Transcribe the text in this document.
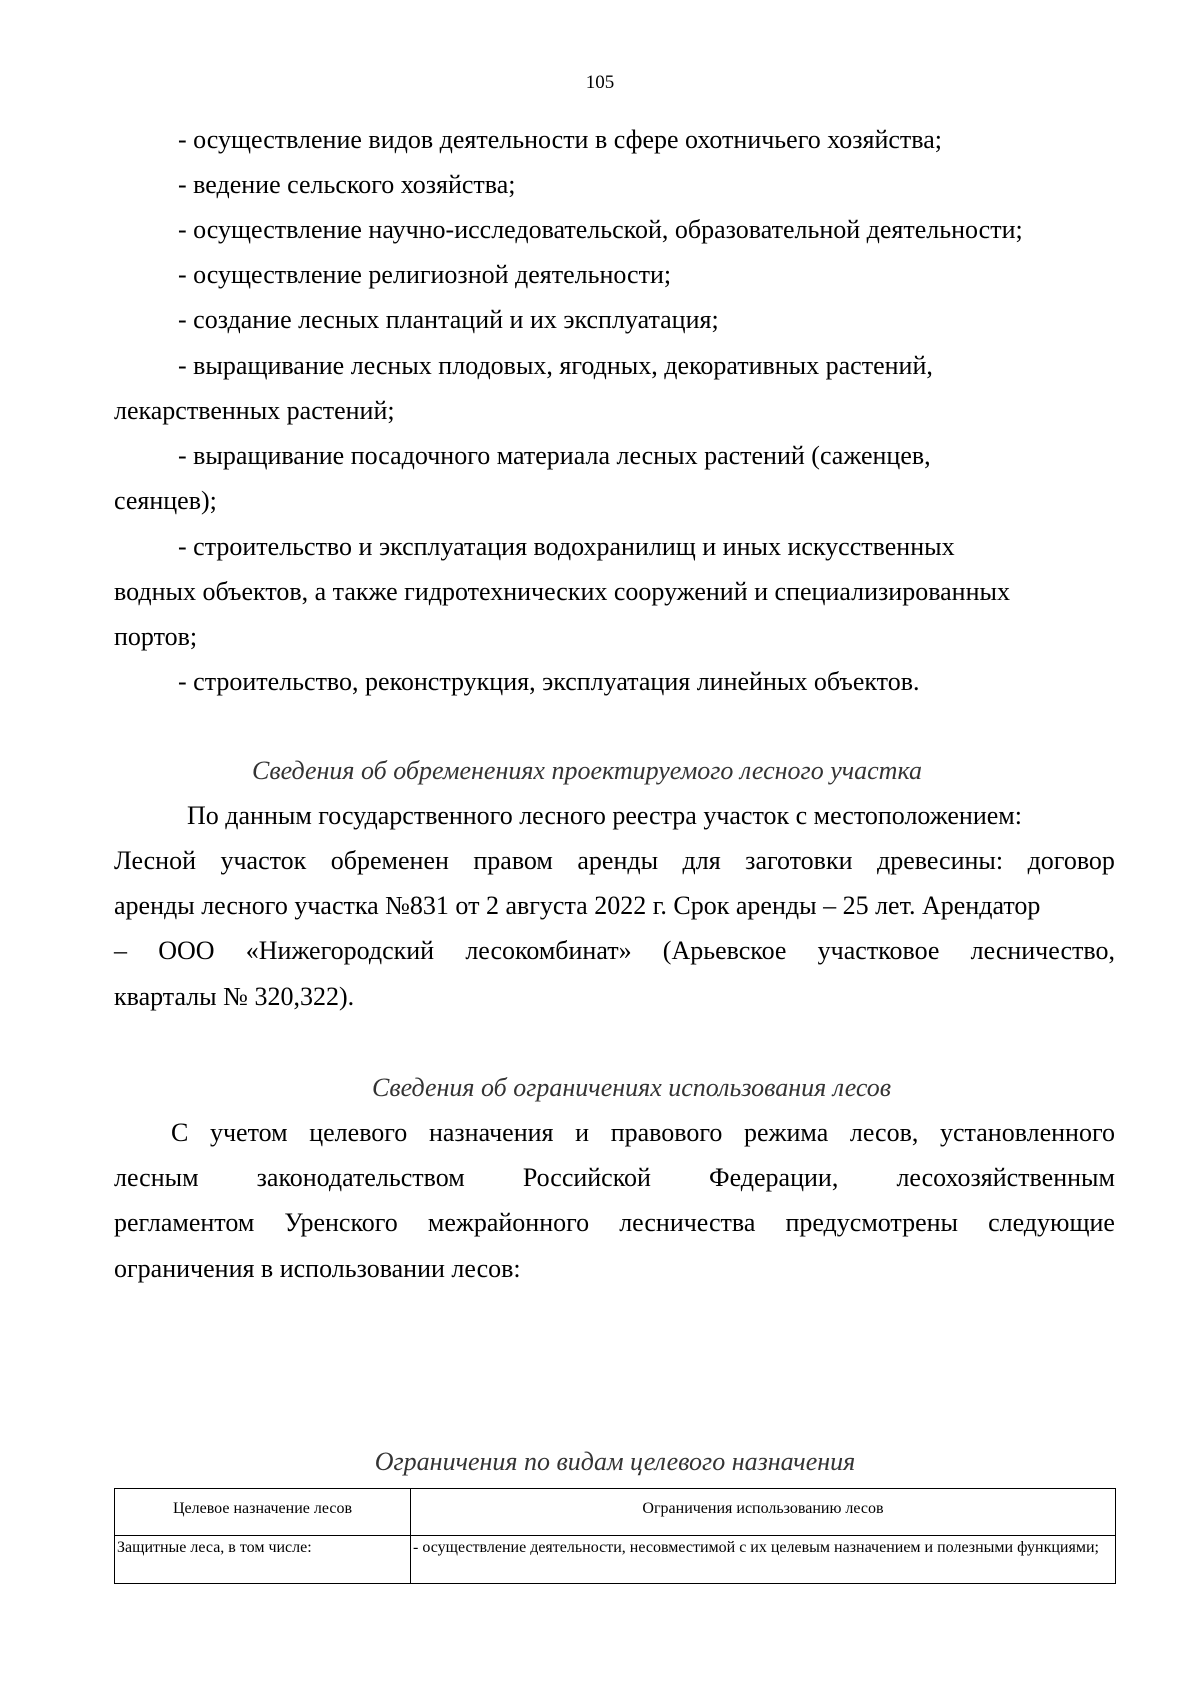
105
- осуществление видов деятельности в сфере охотничьего хозяйства;
- ведение сельского хозяйства;
- осуществление научно-исследовательской, образовательной деятельности;
- осуществление религиозной деятельности;
- создание лесных плантаций и их эксплуатация;
- выращивание лесных плодовых, ягодных, декоративных растений,
лекарственных растений;
- выращивание посадочного материала лесных растений (саженцев,
сеянцев);
- строительство и эксплуатация водохранилищ и иных искусственных
водных объектов, а также гидротехнических сооружений и специализированных
портов;
- строительство, реконструкция, эксплуатация линейных объектов.
Сведения об обременениях проектируемого лесного участка
По данным государственного лесного реестра участок с местоположением:
Лесной участок обременен правом аренды для заготовки древесины: договор
аренды лесного участка №831 от 2 августа 2022 г. Срок аренды – 25 лет. Арендатор
– ООО «Нижегородский лесокомбинат» (Арьевское участковое лесничество,
кварталы № 320,322).
Сведения об ограничениях использования лесов
С учетом целевого назначения и правового режима лесов, установленного
лесным законодательством Российской Федерации, лесохозяйственным
регламентом Уренского межрайонного лесничества предусмотрены следующие
ограничения в использовании лесов:
Ограничения по видам целевого назначения
Целевое назначение лесов	Ограничения использованию лесов
Защитные леса, в том числе:	- осуществление деятельности, несовместимой с их целевым назначением и полезными функциями;
